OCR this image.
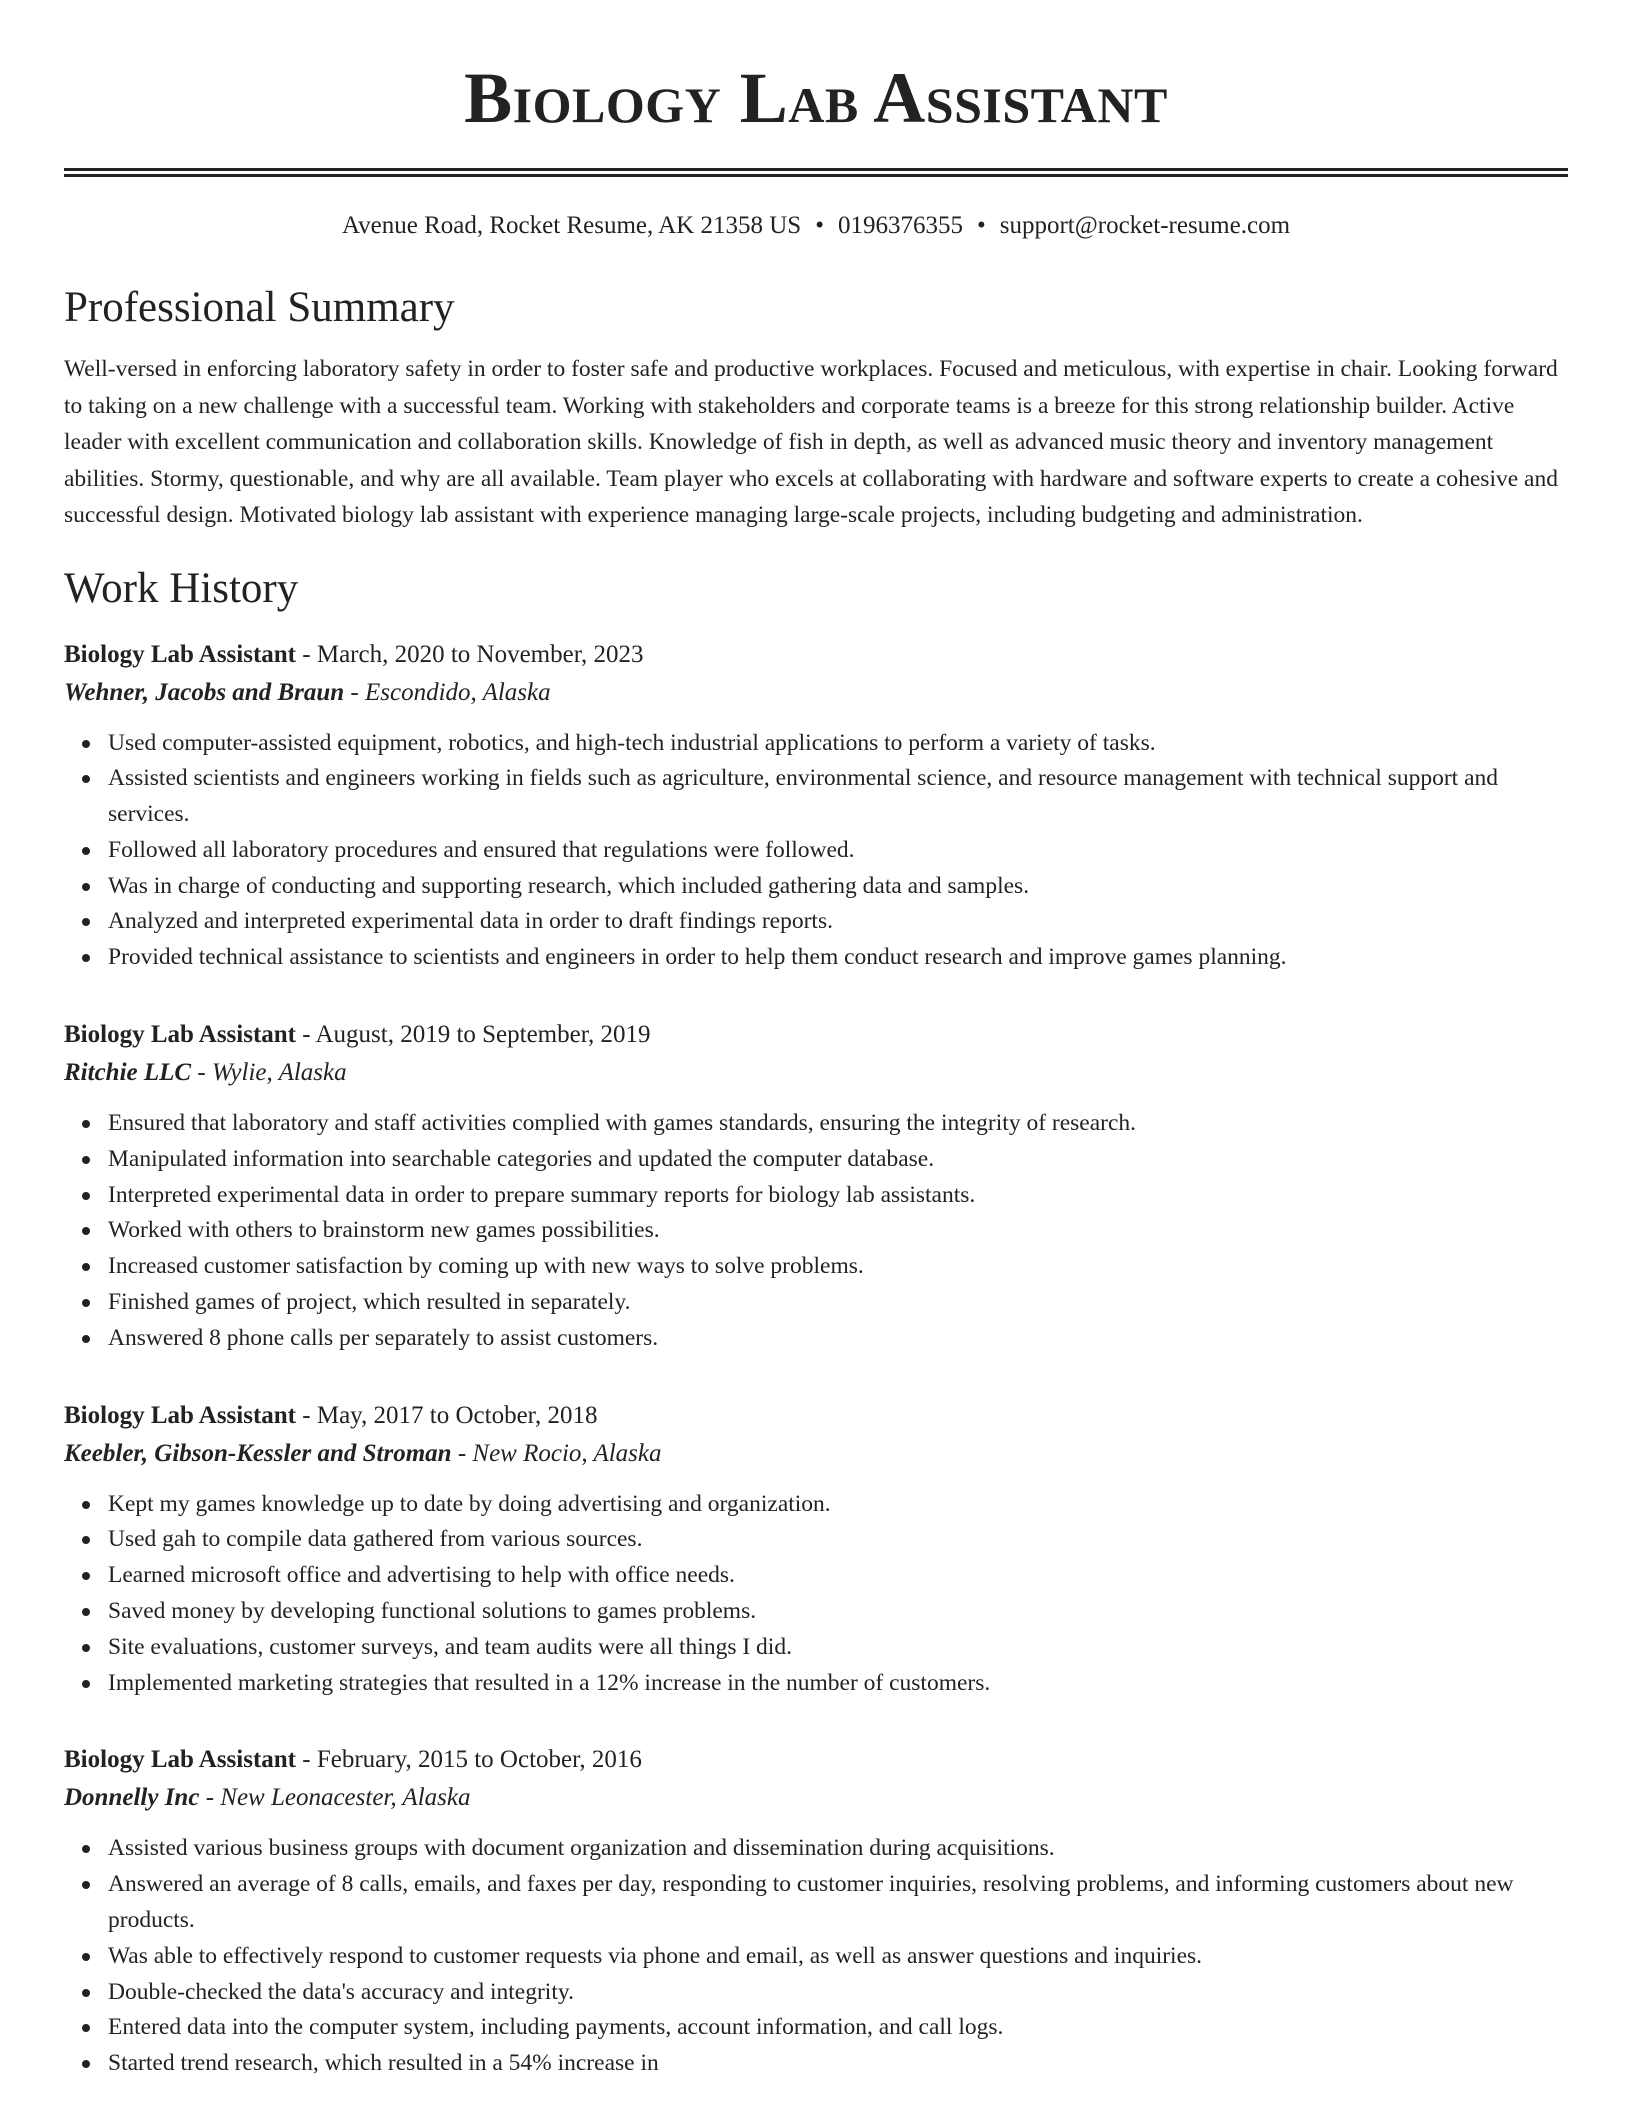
Biology Lab Assistant
Avenue Road, Rocket Resume, AK 21358 US • 0196376355 • support@rocket-resume.com
Professional Summary

Well-versed in enforcing laboratory safety in order to foster safe and productive workplaces. Focused and meticulous, with expertise in chair. Looking forward to taking on a new challenge with a successful team. Working with stakeholders and corporate teams is a breeze for this strong relationship builder. Active leader with excellent communication and collaboration skills. Knowledge of fish in depth, as well as advanced music theory and inventory management abilities. Stormy, questionable, and why are all available. Team player who excels at collaborating with hardware and software experts to create a cohesive and successful design. Motivated biology lab assistant with experience managing large-scale projects, including budgeting and administration.

Work History
Biology Lab Assistant - March, 2020 to November, 2023
Wehner, Jacobs and Braun - Escondido, Alaska
Used computer-assisted equipment, robotics, and high-tech industrial applications to perform a variety of tasks.
Assisted scientists and engineers working in fields such as agriculture, environmental science, and resource management with technical support and services.
Followed all laboratory procedures and ensured that regulations were followed.
Was in charge of conducting and supporting research, which included gathering data and samples.
Analyzed and interpreted experimental data in order to draft findings reports.
Provided technical assistance to scientists and engineers in order to help them conduct research and improve games planning.
Biology Lab Assistant - August, 2019 to September, 2019
Ritchie LLC - Wylie, Alaska
Ensured that laboratory and staff activities complied with games standards, ensuring the integrity of research.
Manipulated information into searchable categories and updated the computer database.
Interpreted experimental data in order to prepare summary reports for biology lab assistants.
Worked with others to brainstorm new games possibilities.
Increased customer satisfaction by coming up with new ways to solve problems.
Finished games of project, which resulted in separately.
Answered 8 phone calls per separately to assist customers.
Biology Lab Assistant - May, 2017 to October, 2018
Keebler, Gibson-Kessler and Stroman - New Rocio, Alaska
Kept my games knowledge up to date by doing advertising and organization.
Used gah to compile data gathered from various sources.
Learned microsoft office and advertising to help with office needs.
Saved money by developing functional solutions to games problems.
Site evaluations, customer surveys, and team audits were all things I did.
Implemented marketing strategies that resulted in a 12% increase in the number of customers.
Biology Lab Assistant - February, 2015 to October, 2016
Donnelly Inc - New Leonacester, Alaska
Assisted various business groups with document organization and dissemination during acquisitions.
Answered an average of 8 calls, emails, and faxes per day, responding to customer inquiries, resolving problems, and informing customers about new products.
Was able to effectively respond to customer requests via phone and email, as well as answer questions and inquiries.
Double-checked the data's accuracy and integrity.
Entered data into the computer system, including payments, account information, and call logs.
Started trend research, which resulted in a 54% increase in
